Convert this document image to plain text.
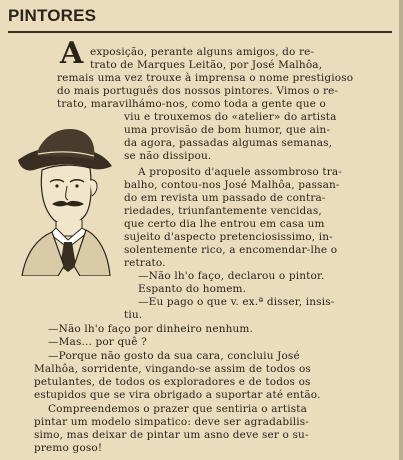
PINTORES
A exposição, perante alguns amigos, do re-
trato de Marques Leitão, por José Malhôa,
remais uma vez trouxe à imprensa o nome prestigioso
do mais português dos nossos pintores. Vimos o re-
trato, maravilhámo-nos, como toda a gente que o
viu e trouxemos do «atelier» do artista
uma provisão de bom humor, que ain-
da agora, passadas algumas semanas,
se não dissipou.
A proposito d'aquele assombroso tra-
balho, contou-nos José Malhôa, passan-
do em revista um passado de contra-
riedades, triunfantemente vencidas,
que certo dia lhe entrou em casa um
sujeito d'aspecto pretenciosissimo, in-
solentemente rico, a encomendar-lhe o
retrato.
—Não lh'o faço, declarou o pintor.
Espanto do homem.
—Eu pago o que v. ex.ª disser, insis-
tiu.
—Não lh'o faço por dinheiro nenhum.
—Mas... por quê ?
—Porque não gosto da sua cara, concluiu José
Malhôa, sorridente, vingando-se assim de todos os
petulantes, de todos os exploradores e de todos os
estupidos que se vira obrigado a suportar até então.
Compreendemos o prazer que sentiria o artista
pintar um modelo simpatico: deve ser agradabilis-
simo, mas deixar de pintar um asno deve ser o su-
premo goso!
